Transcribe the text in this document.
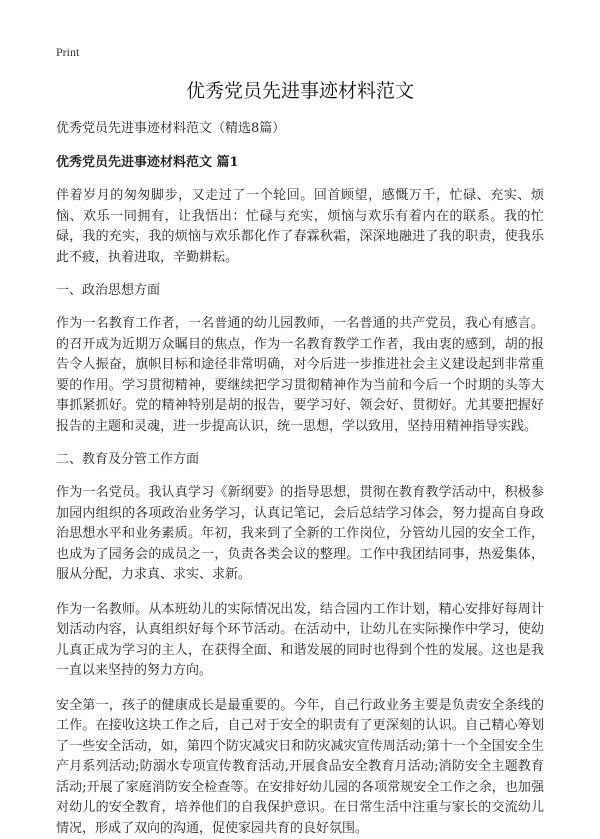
Print
优秀党员先进事迹材料范文
优秀党员先进事迹材料范文（精选8篇）
优秀党员先进事迹材料范文 篇1

伴着岁月的匆匆脚步，又走过了一个轮回。回首顾望，感慨万千，忙碌、充实、烦恼、欢乐一同拥有，让我悟出：忙碌与充实，烦恼与欢乐有着内在的联系。我的忙碌，我的充实，我的烦恼与欢乐都化作了春霖秋霜，深深地融进了我的职责，使我乐此不疲，执着进取，辛勤耕耘。

一、政治思想方面

作为一名教育工作者，一名普通的幼儿园教师，一名普通的共产党员，我心有感言。的召开成为近期万众瞩目的焦点，作为一名教育教学工作者，我由衷的感到，胡的报告令人振奋，旗帜目标和途径非常明确，对今后进一步推进社会主义建设起到非常重要的作用。学习贯彻精神，要继续把学习贯彻精神作为当前和今后一个时期的头等大事抓紧抓好。党的精神特别是胡的报告，要学习好、领会好、贯彻好。尤其要把握好报告的主题和灵魂，进一步提高认识，统一思想，学以致用，坚持用精神指导实践。

二、教育及分管工作方面

作为一名党员。我认真学习《新纲要》的指导思想，贯彻在教育教学活动中，积极参加园内组织的各项政治业务学习，认真记笔记，会后总结学习体会，努力提高自身政治思想水平和业务素质。年初，我来到了全新的工作岗位，分管幼儿园的安全工作，也成为了园务会的成员之一，负责各类会议的整理。工作中我团结同事，热爱集体，服从分配，力求真、求实、求新。

作为一名教师。从本班幼儿的实际情况出发，结合园内工作计划，精心安排好每周计划活动内容，认真组织好每个环节活动。在活动中，让幼儿在实际操作中学习，使幼儿真正成为学习的主人，在获得全面、和谐发展的同时也得到个性的发展。这也是我一直以来坚持的努力方向。

安全第一，孩子的健康成长是最重要的。今年，自己行政业务主要是负责安全条线的工作。在接收这块工作之后，自己对于安全的职责有了更深刻的认识。自己精心筹划了一些安全活动，如，第四个防灾减灾日和防灾减灾宣传周活动;第十一个全国安全生产月系列活动;防溺水专项宣传教育活动,开展食品安全教育月活动;消防安全主题教育活动;开展了家庭消防安全检查等。在安排好幼儿园的各项常规安全工作之余，也加强对幼儿的安全教育，培养他们的自我保护意识。在日常生活中注重与家长的交流幼儿情况，形成了双向的沟通，促使家园共育的良好氛围。
